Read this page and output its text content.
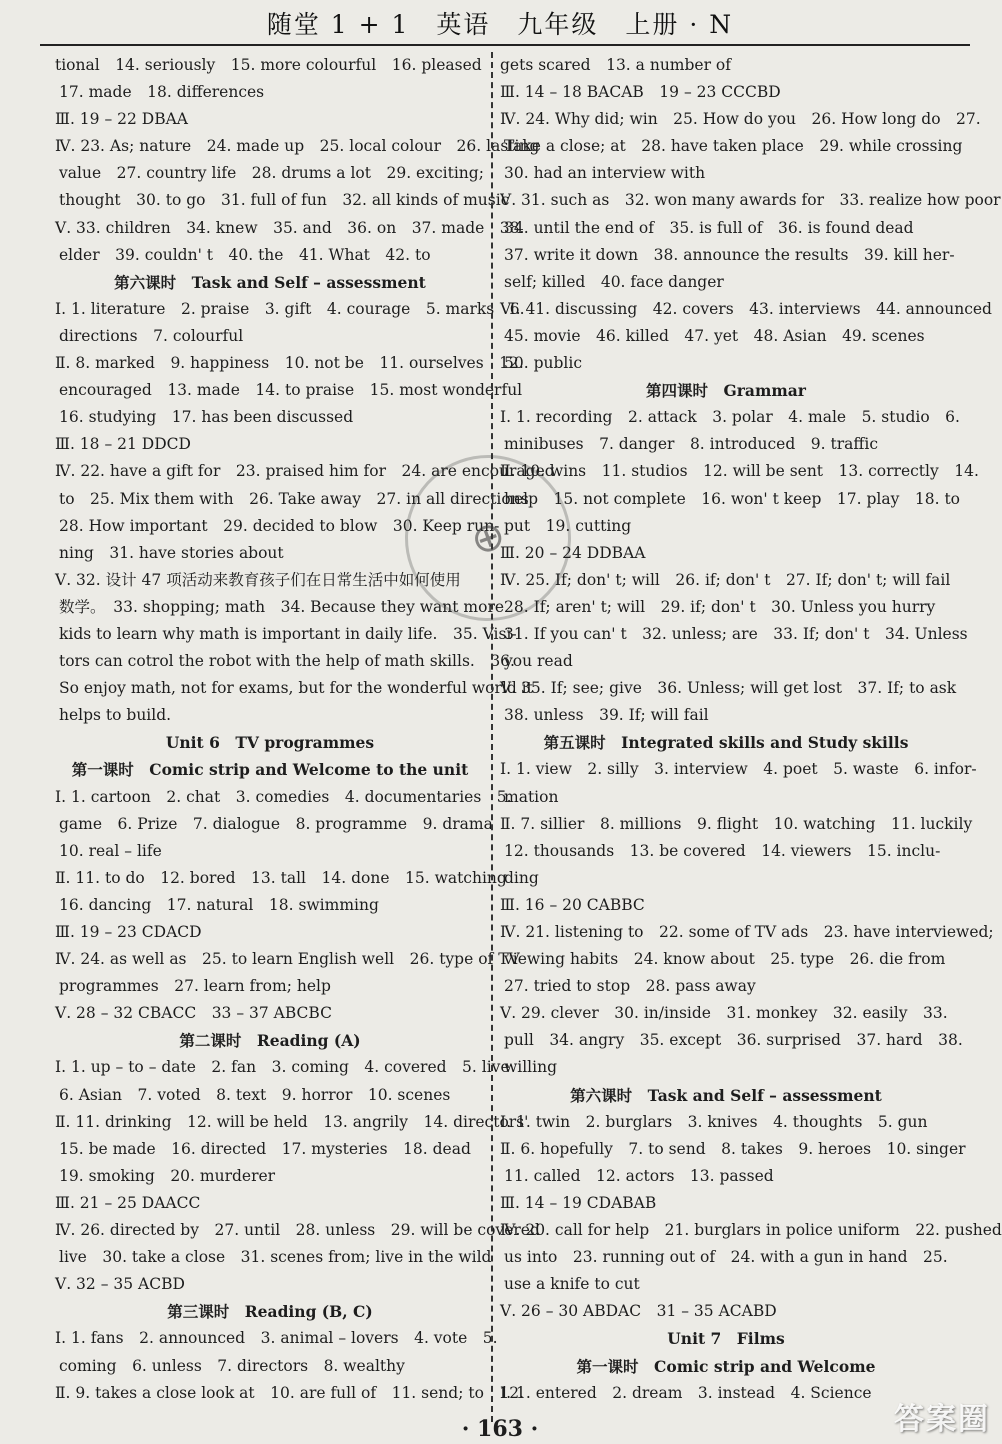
随堂 1 + 1　英语　九年级　上册 · N
tional　14. seriously　15. more colourful　16. pleased
17. made　18. differences
Ⅲ. 19 – 22 DBAA
Ⅳ. 23. As; nature　24. made up　25. local colour　26. lasting
value　27. country life　28. drums a lot　29. exciting;
thought　30. to go　31. full of fun　32. all kinds of music
Ⅴ. 33. children　34. knew　35. and　36. on　37. made　38.
elder　39. couldn' t　40. the　41. What　42. to
第六课时　Task and Self – assessment
Ⅰ. 1. literature　2. praise　3. gift　4. courage　5. marks　6.
directions　7. colourful
Ⅱ. 8. marked　9. happiness　10. not be　11. ourselves　12.
encouraged　13. made　14. to praise　15. most wonderful
16. studying　17. has been discussed
Ⅲ. 18 – 21 DDCD
Ⅳ. 22. have a gift for　23. praised him for　24. are encouraged
to　25. Mix them with　26. Take away　27. in all directions
28. How important　29. decided to blow　30. Keep run-
ning　31. have stories about
Ⅴ. 32. 设计 47 项活动来教育孩子们在日常生活中如何使用
数学。　33. shopping; math　34. Because they want more
kids to learn why math is important in daily life.　35. Visi-
tors can cotrol the robot with the help of math skills.　36.
So enjoy math, not for exams, but for the wonderful world it
helps to build.
Unit 6　TV programmes
第一课时　Comic strip and Welcome to the unit
Ⅰ. 1. cartoon　2. chat　3. comedies　4. documentaries　5.
game　6. Prize　7. dialogue　8. programme　9. drama
10. real – life
Ⅱ. 11. to do　12. bored　13. tall　14. done　15. watching
16. dancing　17. natural　18. swimming
Ⅲ. 19 – 23 CDACD
Ⅳ. 24. as well as　25. to learn English well　26. type of TV
programmes　27. learn from; help
Ⅴ. 28 – 32 CBACC　33 – 37 ABCBC
第二课时　Reading (A)
Ⅰ. 1. up – to – date　2. fan　3. coming　4. covered　5. live
6. Asian　7. voted　8. text　9. horror　10. scenes
Ⅱ. 11. drinking　12. will be held　13. angrily　14. directors'
15. be made　16. directed　17. mysteries　18. dead
19. smoking　20. murderer
Ⅲ. 21 – 25 DAACC
Ⅳ. 26. directed by　27. until　28. unless　29. will be covered
live　30. take a close　31. scenes from; live in the wild
Ⅴ. 32 – 35 ACBD
第三课时　Reading (B, C)
Ⅰ. 1. fans　2. announced　3. animal – lovers　4. vote　5.
coming　6. unless　7. directors　8. wealthy
Ⅱ. 9. takes a close look at　10. are full of　11. send; to　12.
gets scared　13. a number of
Ⅲ. 14 – 18 BACAB　19 – 23 CCCBD
Ⅳ. 24. Why did; win　25. How do you　26. How long do　27.
Take a close; at　28. have taken place　29. while crossing
30. had an interview with
Ⅴ. 31. such as　32. won many awards for　33. realize how poor
34. until the end of　35. is full of　36. is found dead
37. write it down　38. announce the results　39. kill her-
self; killed　40. face danger
Ⅵ. 41. discussing　42. covers　43. interviews　44. announced
45. movie　46. killed　47. yet　48. Asian　49. scenes
50. public
第四课时　Grammar
Ⅰ. 1. recording　2. attack　3. polar　4. male　5. studio　6.
minibuses　7. danger　8. introduced　9. traffic
Ⅱ. 10. wins　11. studios　12. will be sent　13. correctly　14.
help　15. not complete　16. won' t keep　17. play　18. to
put　19. cutting
Ⅲ. 20 – 24 DDBAA
Ⅳ. 25. If; don' t; will　26. if; don' t　27. If; don' t; will fail
28. If; aren' t; will　29. if; don' t　30. Unless you hurry
31. If you can' t　32. unless; are　33. If; don' t　34. Unless
you read
Ⅴ. 35. If; see; give　36. Unless; will get lost　37. If; to ask
38. unless　39. If; will fail
第五课时　Integrated skills and Study skills
Ⅰ. 1. view　2. silly　3. interview　4. poet　5. waste　6. infor-
mation
Ⅱ. 7. sillier　8. millions　9. flight　10. watching　11. luckily
12. thousands　13. be covered　14. viewers　15. inclu-
ding
Ⅲ. 16 – 20 CABBC
Ⅳ. 21. listening to　22. some of TV ads　23. have interviewed;
viewing habits　24. know about　25. type　26. die from
27. tried to stop　28. pass away
Ⅴ. 29. clever　30. in/inside　31. monkey　32. easily　33.
pull　34. angry　35. except　36. surprised　37. hard　38.
willing
第六课时　Task and Self – assessment
Ⅰ. 1. twin　2. burglars　3. knives　4. thoughts　5. gun
Ⅱ. 6. hopefully　7. to send　8. takes　9. heroes　10. singer
11. called　12. actors　13. passed
Ⅲ. 14 – 19 CDABAB
Ⅳ. 20. call for help　21. burglars in police uniform　22. pushed
us into　23. running out of　24. with a gun in hand　25.
use a knife to cut
Ⅴ. 26 – 30 ABDAC　31 – 35 ACABD
Unit 7　Films
第一课时　Comic strip and Welcome
Ⅰ. 1. entered　2. dream　3. instead　4. Science
⊕
· 163 ·	答案圈
